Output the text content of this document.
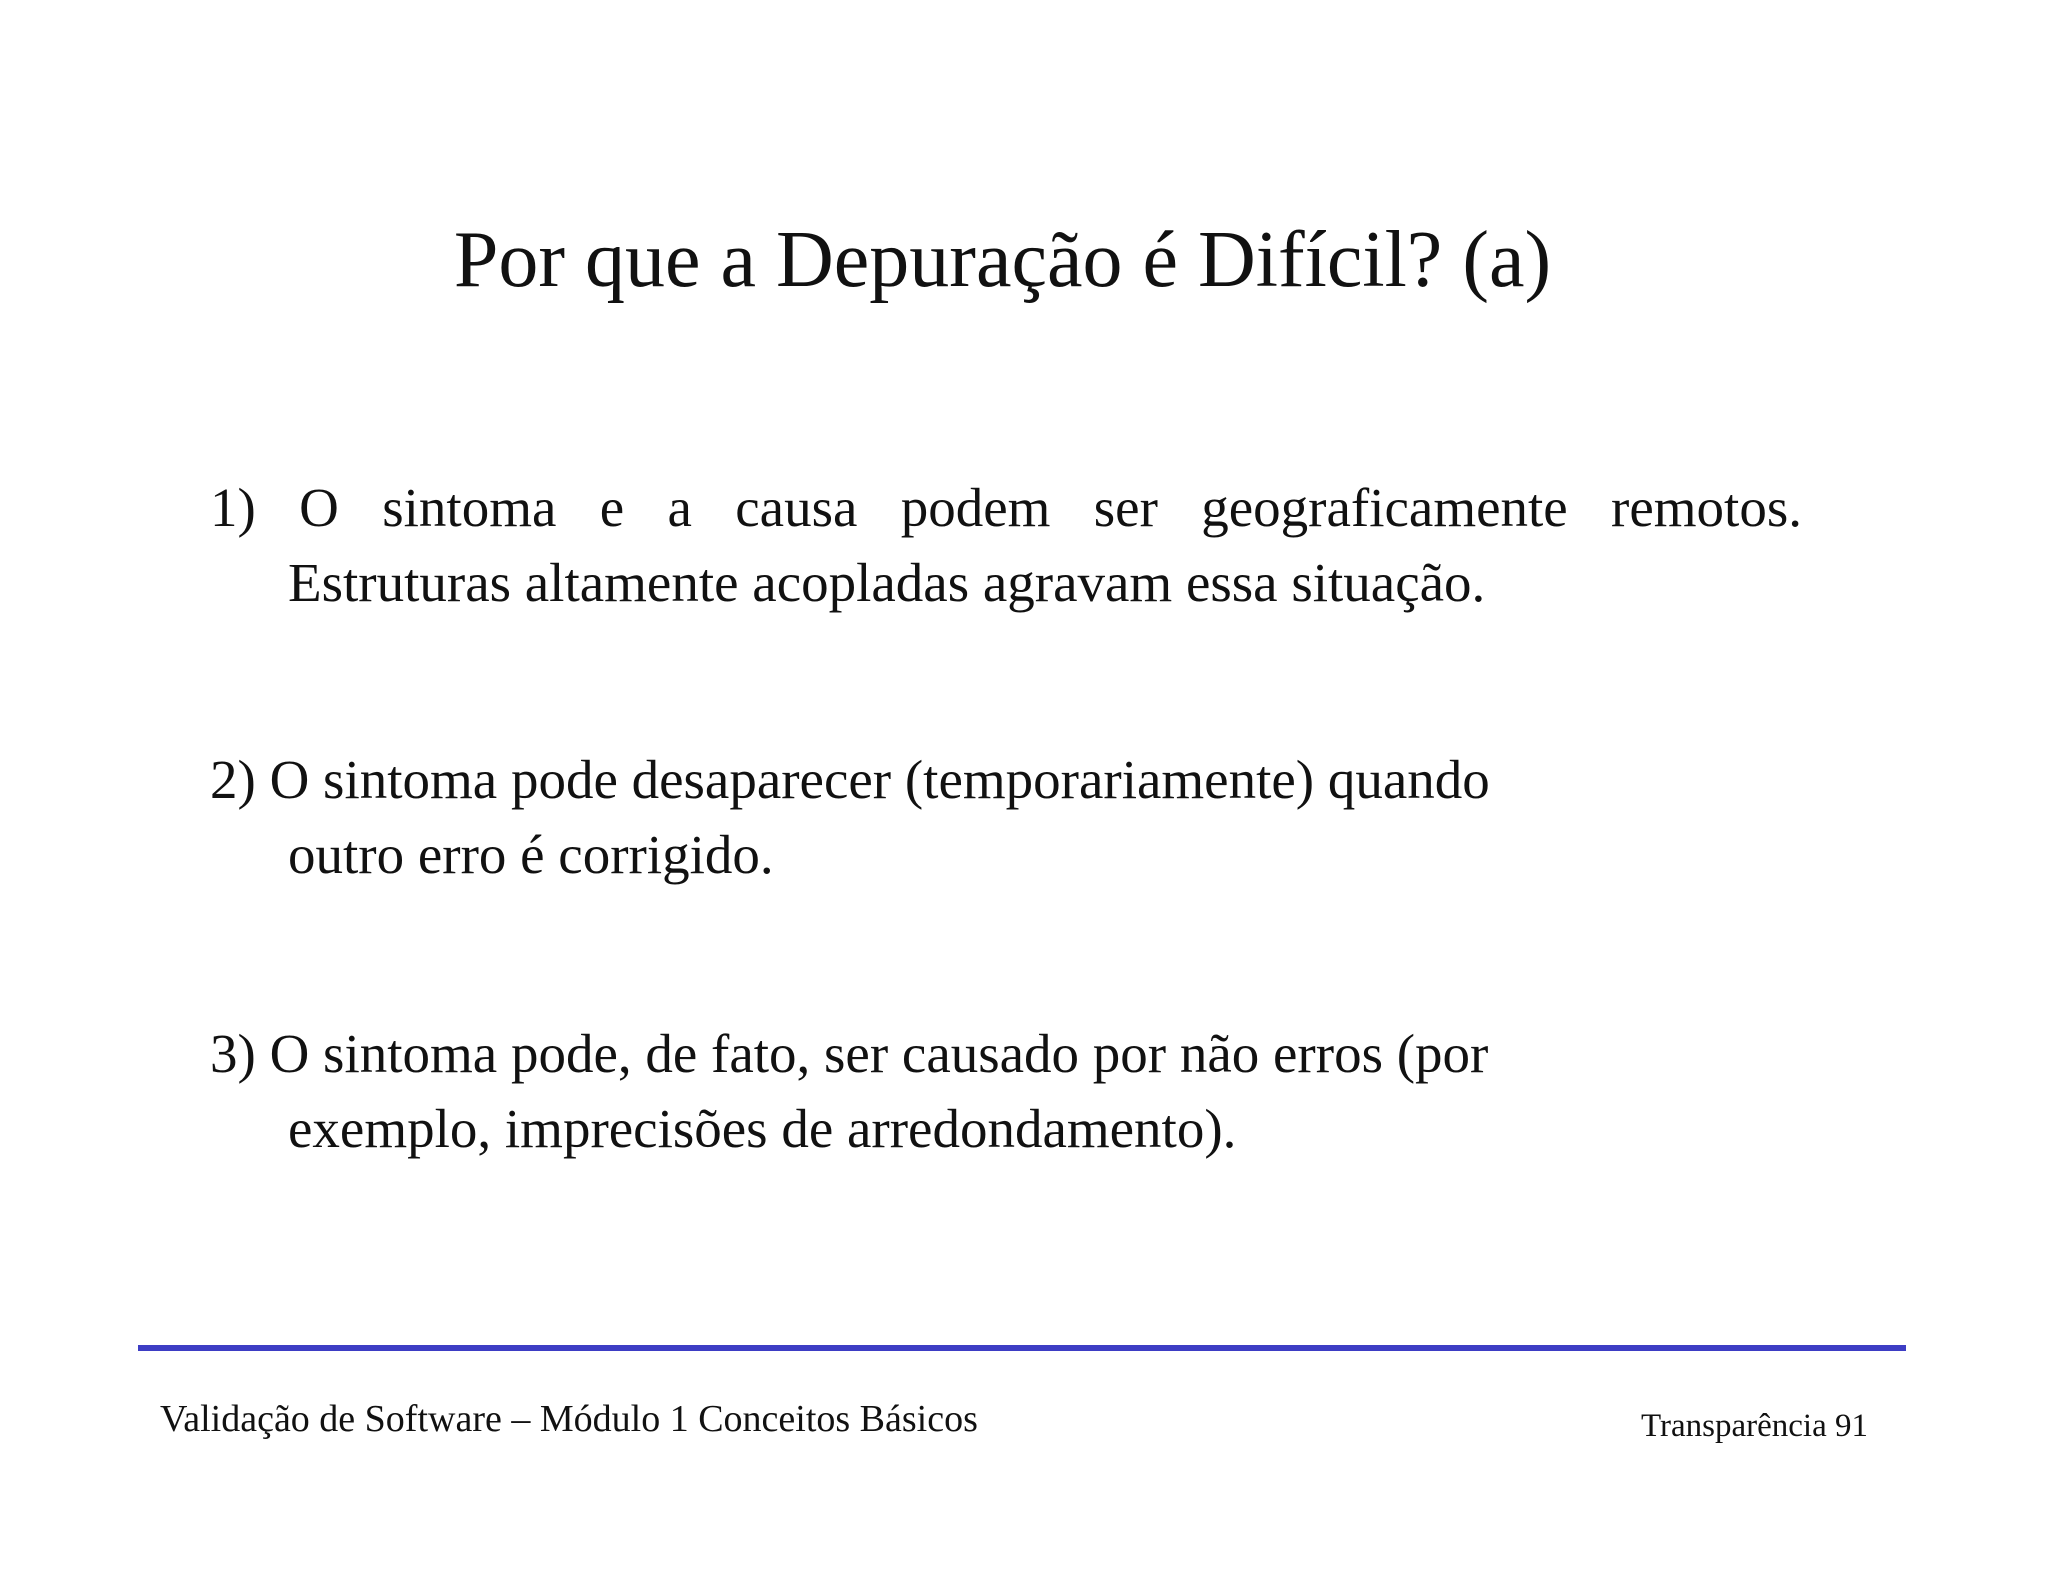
Por que a Depuração é Difícil? (a)
1) O sintoma e a causa podem ser geograficamente remotos.
Estruturas altamente acopladas agravam essa situação.
2) O sintoma pode desaparecer (temporariamente) quando
outro erro é corrigido.
3) O sintoma pode, de fato, ser causado por não erros (por
exemplo, imprecisões de arredondamento).
Validação de Software – Módulo 1 Conceitos Básicos	Transparência 91
